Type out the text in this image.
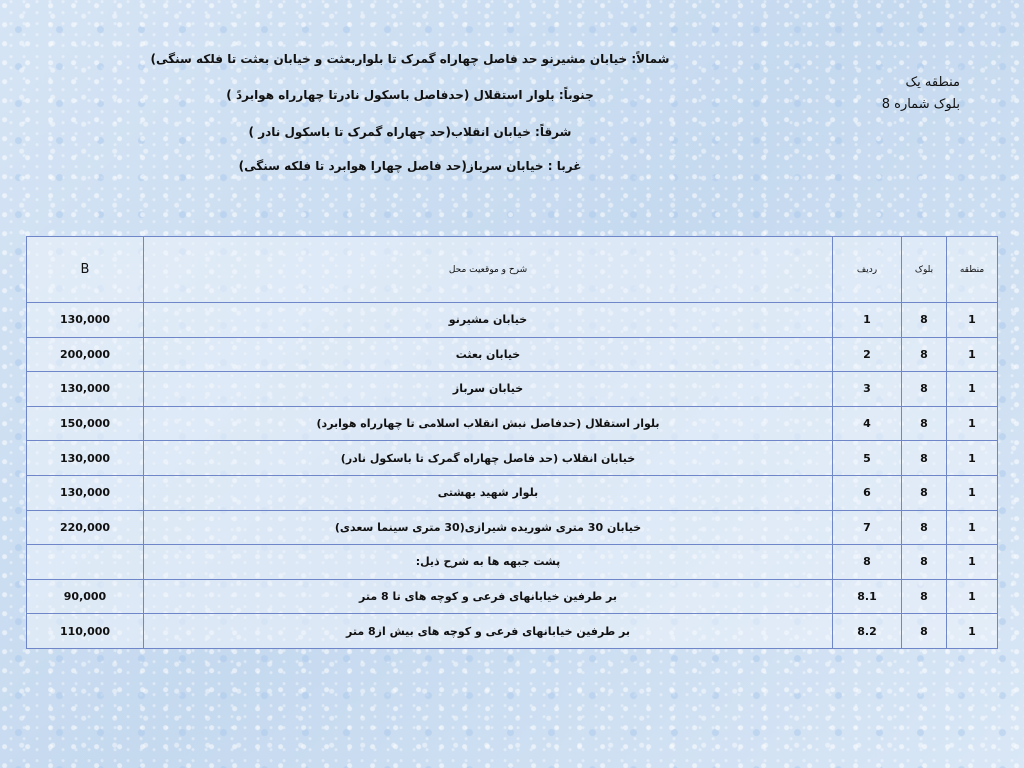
شمالاً: خیابان مشیرنو حد فاصل چهاراه گمرک تا بلواربعثت و خیابان بعثت تا فلکه سنگی)
جنوباً: بلوار استقلال (حدفاصل باسکول نادرتا چهارراه هوابردً )
شرقاً: خیابان انقلاب(حد چهاراه گمرک تا باسکول نادر )
غربا : خیابان سرباز(حد فاصل چهارا هوابرد تا فلکه سنگی)
منطقه یک
بلوک شماره 8
منطقه	بلوک	ردیف	شرح و موقعیت محل	B
1	8	1	خیابان مشیرنو	130,000
1	8	2	خیابان بعثت	200,000
1	8	3	خیابان سرباز	130,000
1	8	4	بلوار استقلال (حدفاصل نبش انقلاب اسلامی تا چهارراه هوابرد)	150,000
1	8	5	خیابان انقلاب (حد فاصل چهاراه گمرک تا باسکول نادر)	130,000
1	8	6	بلوار شهید بهشتی	130,000
1	8	7	خیابان 30 متری شوریده شیرازی(30 متری سینما سعدی)	220,000
1	8	8	پشت جبهه ها به شرح ذیل:	
1	8	8.1	بر طرفین خیابانهای فرعی و کوچه های تا 8 متر	90,000
1	8	8.2	بر طرفین خیابانهای فرعی و کوچه های بیش از8 متر	110,000
